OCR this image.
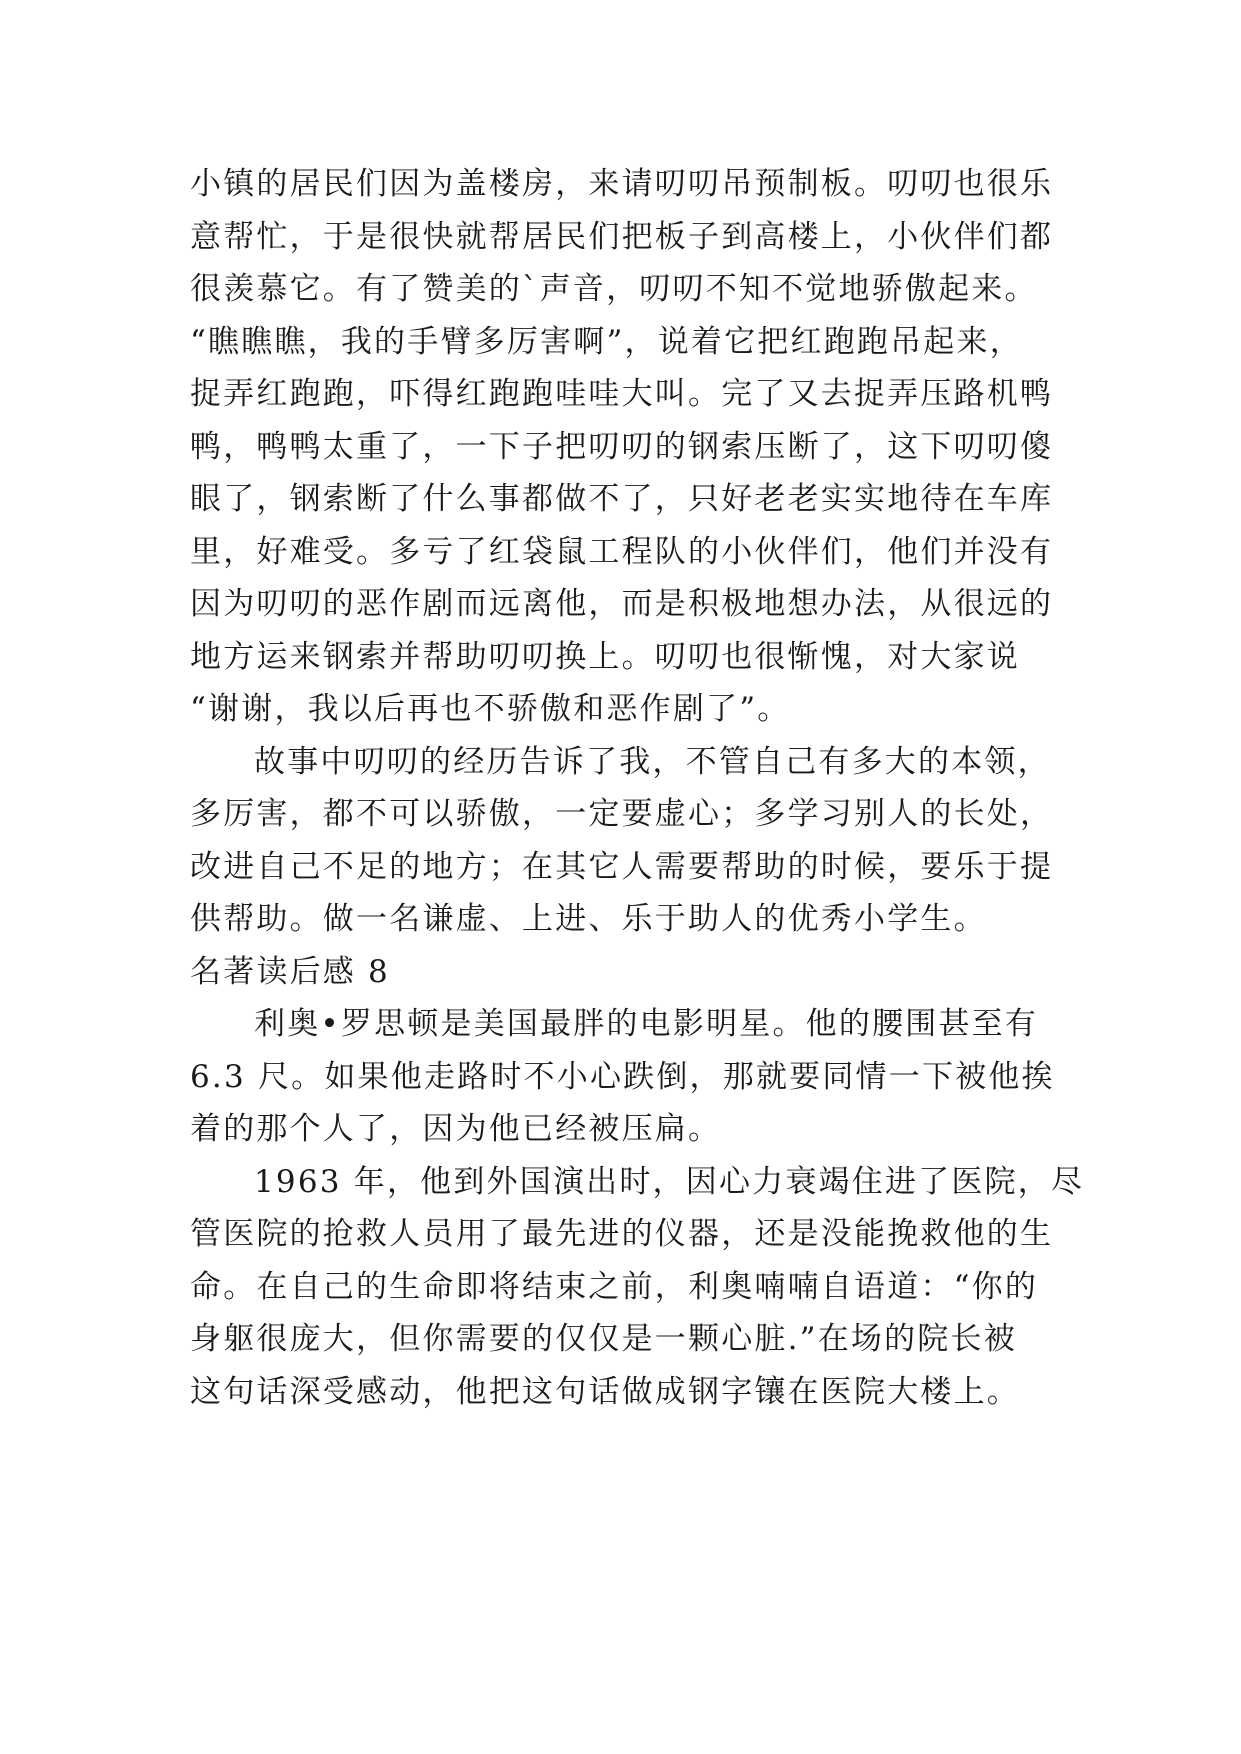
小镇的居民们因为盖楼房，来请叨叨吊预制板。叨叨也很乐
意帮忙，于是很快就帮居民们把板子到高楼上，小伙伴们都
很羡慕它。有了赞美的`声音，叨叨不知不觉地骄傲起来。
“瞧瞧瞧，我的手臂多厉害啊”，说着它把红跑跑吊起来，
捉弄红跑跑，吓得红跑跑哇哇大叫。完了又去捉弄压路机鸭
鸭，鸭鸭太重了，一下子把叨叨的钢索压断了，这下叨叨傻
眼了，钢索断了什么事都做不了，只好老老实实地待在车库
里，好难受。多亏了红袋鼠工程队的小伙伴们，他们并没有
因为叨叨的恶作剧而远离他，而是积极地想办法，从很远的
地方运来钢索并帮助叨叨换上。叨叨也很惭愧，对大家说
“谢谢，我以后再也不骄傲和恶作剧了”。
故事中叨叨的经历告诉了我，不管自己有多大的本领，
多厉害，都不可以骄傲，一定要虚心；多学习别人的长处，
改进自己不足的地方；在其它人需要帮助的时候，要乐于提
供帮助。做一名谦虚、上进、乐于助人的优秀小学生。
名著读后感 8
利奥•罗思顿是美国最胖的电影明星。他的腰围甚至有
6.3 尺。如果他走路时不小心跌倒，那就要同情一下被他挨
着的那个人了，因为他已经被压扁。
1963 年，他到外国演出时，因心力衰竭住进了医院，尽
管医院的抢救人员用了最先进的仪器，还是没能挽救他的生
命。在自己的生命即将结束之前，利奥喃喃自语道：“你的
身躯很庞大，但你需要的仅仅是一颗心脏.”在场的院长被
这句话深受感动，他把这句话做成钢字镶在医院大楼上。
